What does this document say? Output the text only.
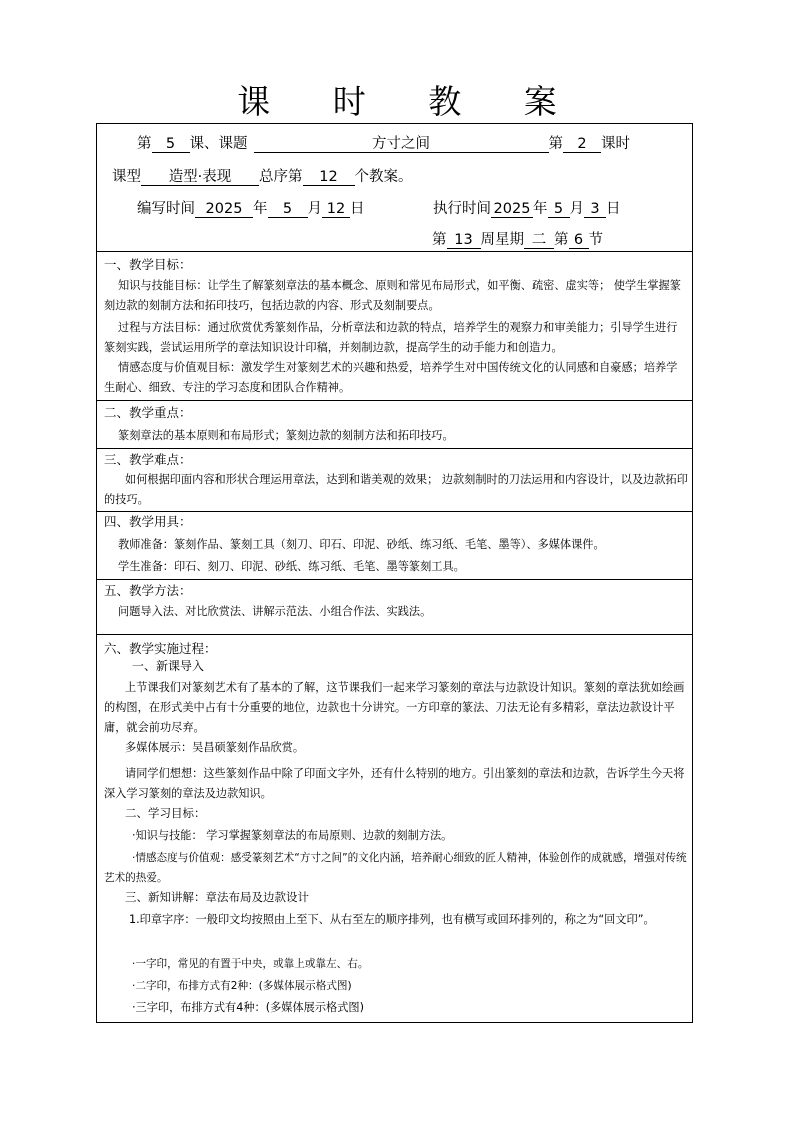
课 时 教 案
第 5 课、课题	方寸之间	第 2 课时
课型 造型·表现 总序第 12 个教案。
编写时间 2025 年 5 月 12 日	执行时间 2025 年 5 月 3 日
第 13 周星期 二 第 6 节
一、教学目标：
知识与技能目标：让学生了解篆刻章法的基本概念、原则和常见布局形式，如平衡、疏密、虚实等； 使学生掌握篆刻边款的刻制方法和拓印技巧，包括边款的内容、形式及刻制要点。
过程与方法目标：通过欣赏优秀篆刻作品，分析章法和边款的特点，培养学生的观察力和审美能力；引导学生进行篆刻实践，尝试运用所学的章法知识设计印稿，并刻制边款，提高学生的动手能力和创造力。
情感态度与价值观目标：激发学生对篆刻艺术的兴趣和热爱，培养学生对中国传统文化的认同感和自豪感；培养学生耐心、细致、专注的学习态度和团队合作精神。
二、教学重点：
篆刻章法的基本原则和布局形式；篆刻边款的刻制方法和拓印技巧。
三、教学难点：
如何根据印面内容和形状合理运用章法，达到和谐美观的效果； 边款刻制时的刀法运用和内容设计，以及边款拓印的技巧。
四、教学用具：
教师准备：篆刻作品、篆刻工具（刻刀、印石、印泥、砂纸、练习纸、毛笔、墨等）、多媒体课件。
学生准备：印石、刻刀、印泥、砂纸、练习纸、毛笔、墨等篆刻工具。
五、教学方法：
问题导入法、对比欣赏法、讲解示范法、小组合作法、实践法。
六、教学实施过程：
一、新课导入
上节课我们对篆刻艺术有了基本的了解，这节课我们一起来学习篆刻的章法与边款设计知识。篆刻的章法犹如绘画的构图，在形式美中占有十分重要的地位，边款也十分讲究。一方印章的篆法、刀法无论有多精彩，章法边款设计平庸，就会前功尽弃。
多媒体展示：吴昌硕篆刻作品欣赏。
请同学们想想：这些篆刻作品中除了印面文字外，还有什么特别的地方。引出篆刻的章法和边款，告诉学生今天将深入学习篆刻的章法及边款知识。
二、学习目标：
·知识与技能： 学习掌握篆刻章法的布局原则、边款的刻制方法。
·情感态度与价值观：感受篆刻艺术“方寸之间”的文化内涵，培养耐心细致的匠人精神，体验创作的成就感，增强对传统艺术的热爱。
三、新知讲解：章法布局及边款设计
1.印章字序：一般印文均按照由上至下、从右至左的顺序排列，也有横写或回环排列的，称之为“回文印”。
·一字印，常见的有置于中央，或靠上或靠左、右。
·二字印，布排方式有2种：(多媒体展示格式图)
·三字印，布排方式有4种：(多媒体展示格式图)
